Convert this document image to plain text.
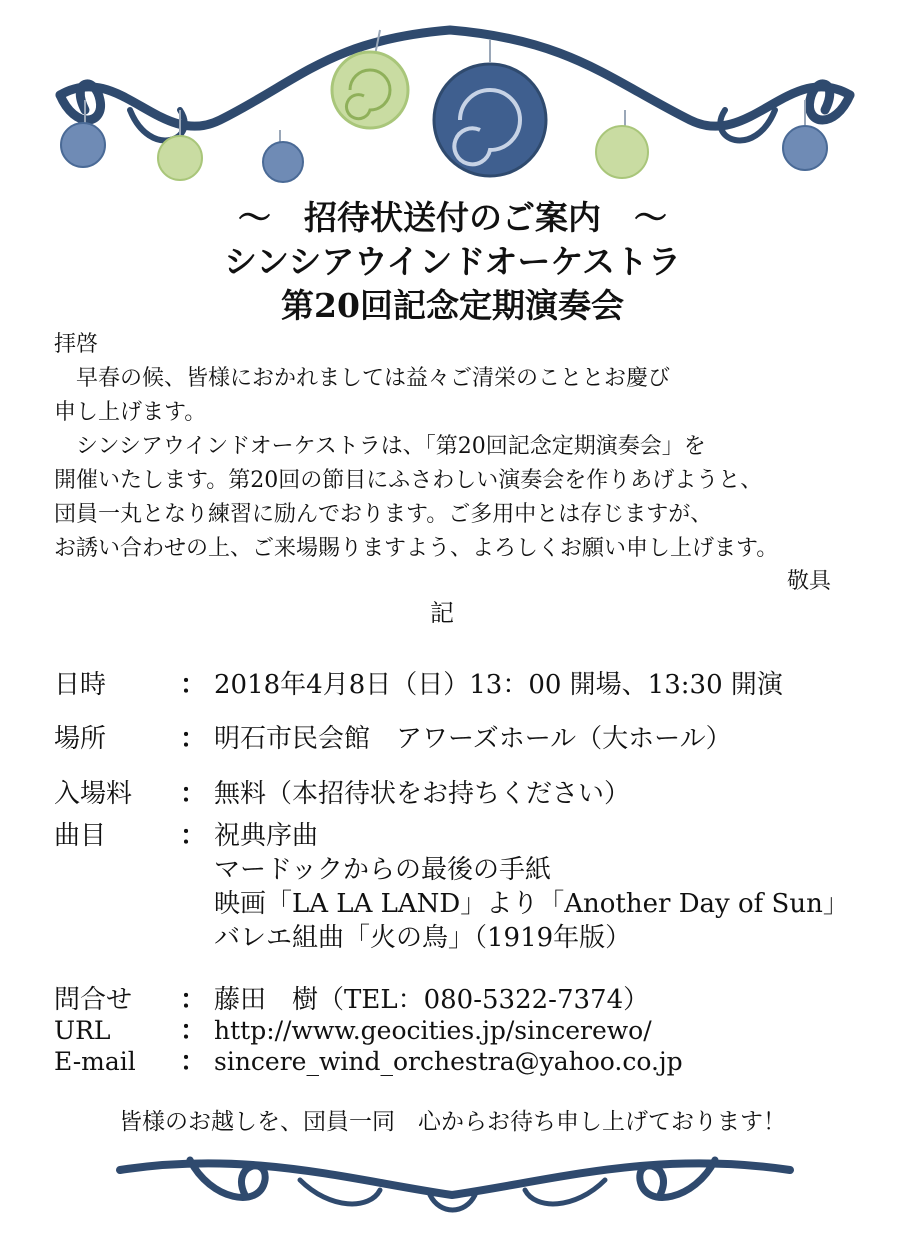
～　招待状送付のご案内　～
シンシアウインドオーケストラ
第20回記念定期演奏会
拝啓
　早春の候、皆様におかれましては益々ご清栄のこととお慶び
申し上げます。
　シンシアウインドオーケストラは、「第20回記念定期演奏会」を
開催いたします。第20回の節目にふさわしい演奏会を作りあげようと、
団員一丸となり練習に励んでおります。ご多用中とは存じますが、
お誘い合わせの上、ご来場賜りますよう、よろしくお願い申し上げます。
敬具
記
日時	： 2018年4月8日（日）13：00 開場、13:30 開演
場所	： 明石市民会館　アワーズホール（大ホール）
入場料 ： 無料（本招待状をお持ちください）
曲目	： 祝典序曲
マードックからの最後の手紙
映画「LA LA LAND」より「Another Day of Sun」
バレエ組曲「火の鳥」（1919年版）
問合せ ： 藤田　樹（TEL：080-5322-7374）
URL	： http://www.geocities.jp/sincerewo/
E-mail ： sincere_wind_orchestra@yahoo.co.jp
皆様のお越しを、団員一同　心からお待ち申し上げております！
